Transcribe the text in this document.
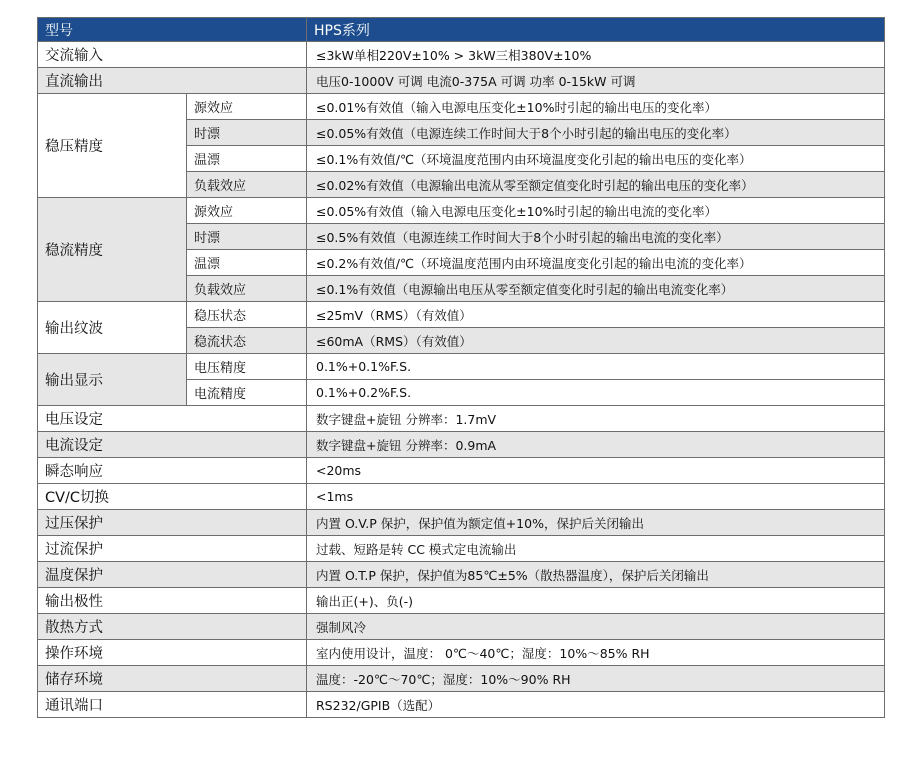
型号		HPS系列
交流输入		≤3kW单相220V±10% > 3kW三相380V±10%
直流输出		电压0-1000V 可调 电流0-375A 可调 功率 0-15kW 可调
稳压精度	源效应	≤0.01%有效值（输入电源电压变化±10%时引起的输出电压的变化率）
	时漂	≤0.05%有效值（电源连续工作时间大于8个小时引起的输出电压的变化率）
	温漂	≤0.1%有效值/℃（环境温度范围内由环境温度变化引起的输出电压的变化率）
	负载效应	≤0.02%有效值（电源输出电流从零至额定值变化时引起的输出电压的变化率）
稳流精度	源效应	≤0.05%有效值（输入电源电压变化±10%时引起的输出电流的变化率）
	时漂	≤0.5%有效值（电源连续工作时间大于8个小时引起的输出电流的变化率）
	温漂	≤0.2%有效值/℃（环境温度范围内由环境温度变化引起的输出电流的变化率）
	负载效应	≤0.1%有效值（电源输出电压从零至额定值变化时引起的输出电流变化率）
输出纹波	稳压状态	≤25mV（RMS）（有效值）
	稳流状态	≤60mA（RMS）（有效值）
输出显示	电压精度	0.1%+0.1%F.S.
	电流精度	0.1%+0.2%F.S.
电压设定		数字键盘+旋钮 分辨率：1.7mV
电流设定		数字键盘+旋钮 分辨率：0.9mA
瞬态响应		<20ms
CV/C切换		<1ms
过压保护		内置 O.V.P 保护，保护值为额定值+10%，保护后关闭输出
过流保护		过载、短路是转 CC 模式定电流输出
温度保护		内置 O.T.P 保护，保护值为85℃±5%（散热器温度），保护后关闭输出
输出极性		输出正(+)、负(-)
散热方式		强制风冷
操作环境		室内使用设计，温度： 0℃～40℃；湿度：10%～85% RH
储存环境		温度：-20℃～70℃；湿度：10%～90% RH
通讯端口		RS232/GPIB（选配）
